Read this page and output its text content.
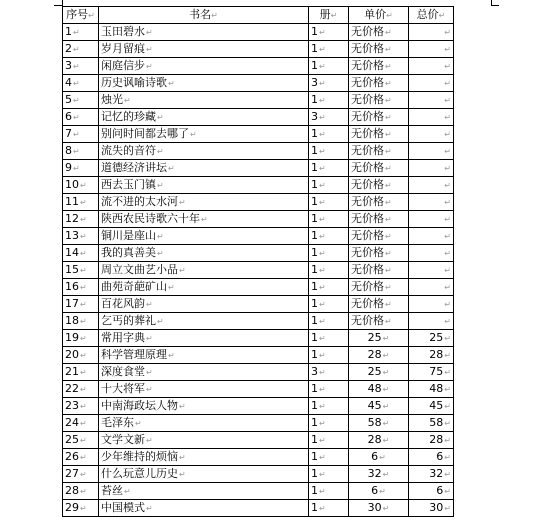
序号↵	书名↵	册↵	单价↵	总价↵
1↵	玉田碧水↵	1↵	无价格↵	↵
2↵	岁月留痕↵	1↵	无价格↵	↵
3↵	闲庭信步↵	1↵	无价格↵	↵
4↵	历史讽喻诗歌↵	3↵	无价格↵	↵
5↵	烛光↵	1↵	无价格↵	↵
6↵	记忆的珍藏↵	3↵	无价格↵	↵
7↵	别问时间都去哪了↵	1↵	无价格↵	↵
8↵	流失的音符↵	1↵	无价格↵	↵
9↵	道德经济讲坛↵	1↵	无价格↵	↵
10↵	西去玉门镇↵	1↵	无价格↵	↵
11↵	流不进的太水河↵	1↵	无价格↵	↵
12↵	陕西农民诗歌六十年↵	1↵	无价格↵	↵
13↵	铜川是座山↵	1↵	无价格↵	↵
14↵	我的真善美↵	1↵	无价格↵	↵
15↵	周立文曲艺小品↵	1↵	无价格↵	↵
16↵	曲苑奇葩矿山↵	1↵	无价格↵	↵
17↵	百花风韵↵	1↵	无价格↵	↵
18↵	乞丐的葬礼↵	1↵	无价格↵	↵
19↵	常用字典↵	1↵	25↵	25↵
20↵	科学管理原理↵	1↵	28↵	28↵
21↵	深度食堂↵	3↵	25↵	75↵
22↵	十大将军↵	1↵	48↵	48↵
23↵	中南海政坛人物↵	1↵	45↵	45↵
24↵	毛泽东↵	1↵	58↵	58↵
25↵	文学文新↵	1↵	28↵	28↵
26↵	少年维持的烦恼↵	1↵	6↵	6↵
27↵	什么玩意儿历史↵	1↵	32↵	32↵
28↵	苔丝↵	1↵	6↵	6↵
29↵	中国模式↵	1↵	30↵	30↵
